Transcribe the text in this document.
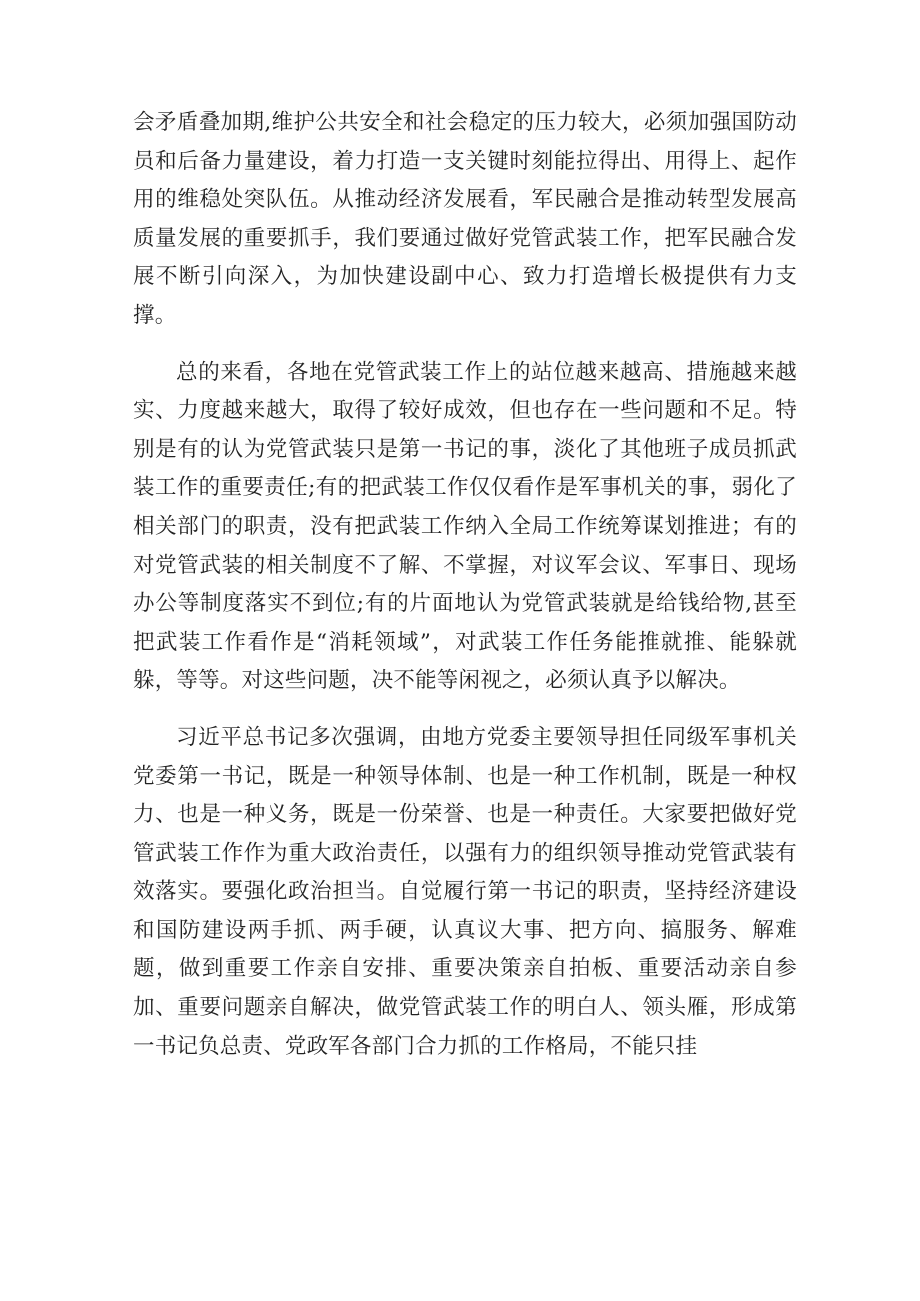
会矛盾叠加期,维护公共安全和社会稳定的压力较大，必须加强国防动员和后备力量建设，着力打造一支关键时刻能拉得出、用得上、起作用的维稳处突队伍。从推动经济发展看，军民融合是推动转型发展高质量发展的重要抓手，我们要通过做好党管武装工作，把军民融合发展不断引向深入，为加快建设副中心、致力打造增长极提供有力支撑。

总的来看，各地在党管武装工作上的站位越来越高、措施越来越实、力度越来越大，取得了较好成效，但也存在一些问题和不足。特别是有的认为党管武装只是第一书记的事，淡化了其他班子成员抓武装工作的重要责任;有的把武装工作仅仅看作是军事机关的事，弱化了相关部门的职责，没有把武装工作纳入全局工作统筹谋划推进；有的对党管武装的相关制度不了解、不掌握，对议军会议、军事日、现场办公等制度落实不到位;有的片面地认为党管武装就是给钱给物,甚至把武装工作看作是“消耗领域”，对武装工作任务能推就推、能躲就躲，等等。对这些问题，决不能等闲视之，必须认真予以解决。

习近平总书记多次强调，由地方党委主要领导担任同级军事机关党委第一书记，既是一种领导体制、也是一种工作机制，既是一种权力、也是一种义务，既是一份荣誉、也是一种责任。大家要把做好党管武装工作作为重大政治责任，以强有力的组织领导推动党管武装有效落实。要强化政治担当。自觉履行第一书记的职责，坚持经济建设和国防建设两手抓、两手硬，认真议大事、把方向、搞服务、解难题，做到重要工作亲自安排、重要决策亲自拍板、重要活动亲自参加、重要问题亲自解决，做党管武装工作的明白人、领头雁，形成第一书记负总责、党政军各部门合力抓的工作格局，不能只挂
